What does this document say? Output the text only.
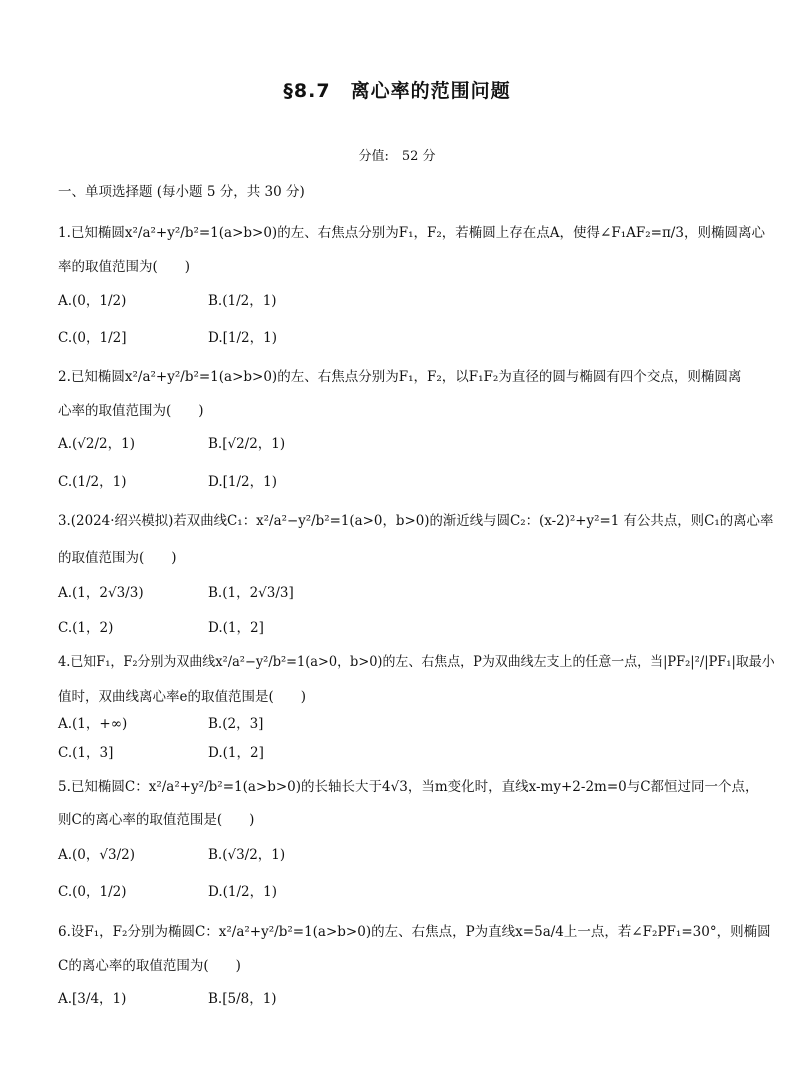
§8.7　离心率的范围问题
分值:　52 分
一、单项选择题 (每小题 5 分，共 30 分)
1.已知椭圆x²/a²+y²/b²=1(a>b>0)的左、右焦点分别为F₁，F₂，若椭圆上存在点A，使得∠F₁AF₂=π/3，则椭圆离心
率的取值范围为(　　)
A.(0，1/2)	B.(1/2，1)
C.(0，1/2]	D.[1/2，1)
2.已知椭圆x²/a²+y²/b²=1(a>b>0)的左、右焦点分别为F₁，F₂，以F₁F₂为直径的圆与椭圆有四个交点，则椭圆离
心率的取值范围为(　　)
A.(√2/2，1)	B.[√2/2，1)
C.(1/2，1)	D.[1/2，1)
3.(2024·绍兴模拟)若双曲线C₁：x²/a²−y²/b²=1(a>0，b>0)的渐近线与圆C₂：(x-2)²+y²=1 有公共点，则C₁的离心率
的取值范围为(　　)
A.(1，2√3/3)	B.(1，2√3/3]
C.(1，2)	D.(1，2]
4.已知F₁，F₂分别为双曲线x²/a²−y²/b²=1(a>0，b>0)的左、右焦点，P为双曲线左支上的任意一点，当|PF₂|²/|PF₁|取最小
值时，双曲线离心率e的取值范围是(　　)
A.(1，+∞)	B.(2，3]
C.(1，3]	D.(1，2]
5.已知椭圆C：x²/a²+y²/b²=1(a>b>0)的长轴长大于4√3，当m变化时，直线x-my+2-2m=0与C都恒过同一个点，
则C的离心率的取值范围是(　　)
A.(0，√3/2)	B.(√3/2，1)
C.(0，1/2)	D.(1/2，1)
6.设F₁，F₂分别为椭圆C：x²/a²+y²/b²=1(a>b>0)的左、右焦点，P为直线x=5a/4上一点，若∠F₂PF₁=30°，则椭圆
C的离心率的取值范围为(　　)
A.[3/4，1)	B.[5/8，1)
